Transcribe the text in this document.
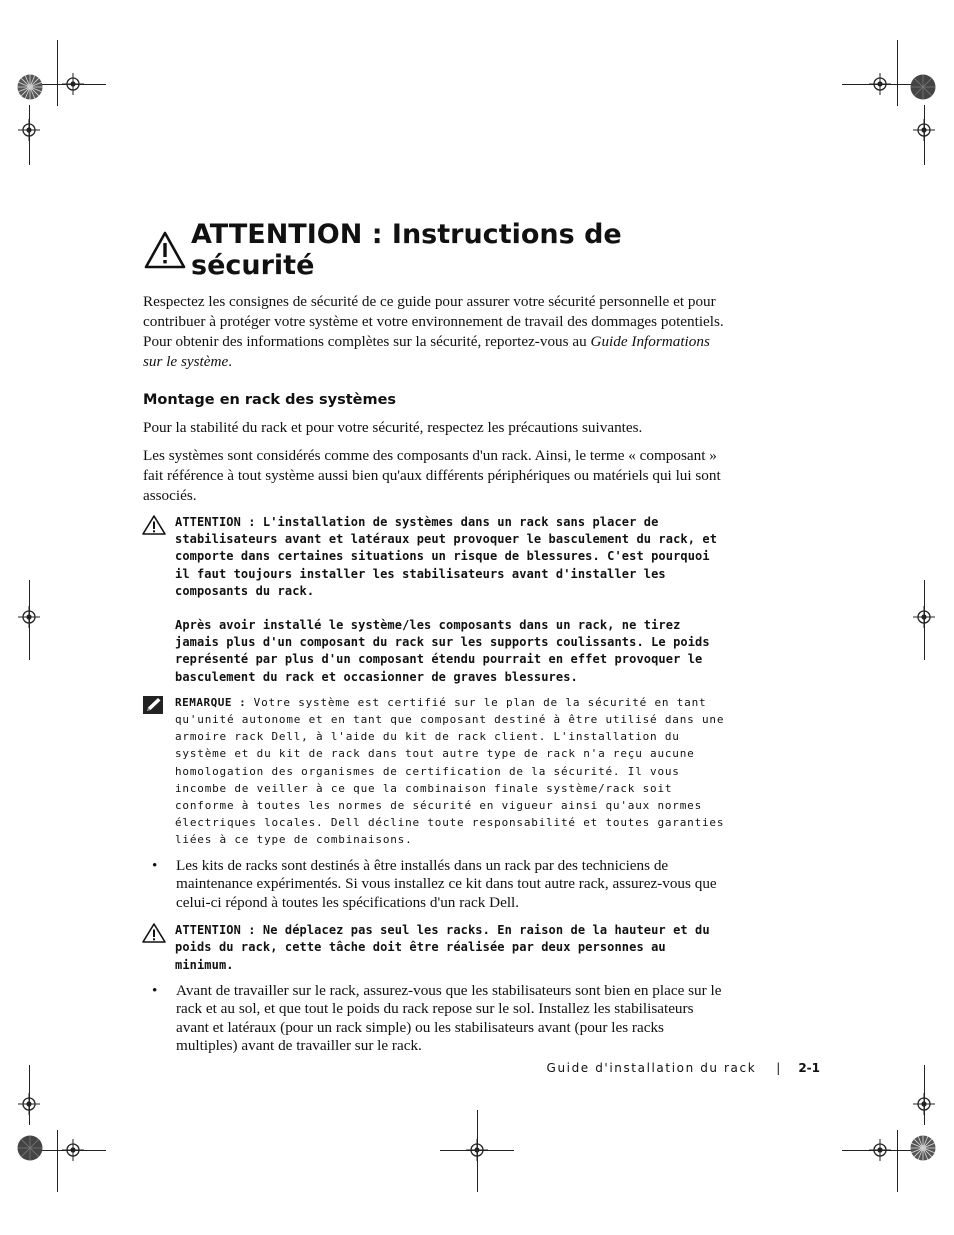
ATTENTION : Instructions de sécurité

Respectez les consignes de sécurité de ce guide pour assurer votre sécurité personnelle et pour contribuer à protéger votre système et votre environnement de travail des dommages potentiels. Pour obtenir des informations complètes sur la sécurité, reportez-vous au Guide Informations sur le système.

Montage en rack des systèmes

Pour la stabilité du rack et pour votre sécurité, respectez les précautions suivantes.

Les systèmes sont considérés comme des composants d'un rack. Ainsi, le terme « composant » fait référence à tout système aussi bien qu'aux différents périphériques ou matériels qui lui sont associés.

ATTENTION : L'installation de systèmes dans un rack sans placer de stabilisateurs avant et latéraux peut provoquer le basculement du rack, et comporte dans certaines situations un risque de blessures. C'est pourquoi il faut toujours installer les stabilisateurs avant d'installer les composants du rack.

Après avoir installé le système/les composants dans un rack, ne tirez jamais plus d'un composant du rack sur les supports coulissants. Le poids représenté par plus d'un composant étendu pourrait en effet provoquer le basculement du rack et occasionner de graves blessures.

REMARQUE : Votre système est certifié sur le plan de la sécurité en tant qu'unité autonome et en tant que composant destiné à être utilisé dans une armoire rack Dell, à l'aide du kit de rack client. L'installation du système et du kit de rack dans tout autre type de rack n'a reçu aucune homologation des organismes de certification de la sécurité. Il vous incombe de veiller à ce que la combinaison finale système/rack soit conforme à toutes les normes de sécurité en vigueur ainsi qu'aux normes électriques locales. Dell décline toute responsabilité et toutes garanties liées à ce type de combinaisons.
• Les kits de racks sont destinés à être installés dans un rack par des techniciens de maintenance expérimentés. Si vous installez ce kit dans tout autre rack, assurez-vous que celui-ci répond à toutes les spécifications d'un rack Dell.

ATTENTION : Ne déplacez pas seul les racks. En raison de la hauteur et du poids du rack, cette tâche doit être réalisée par deux personnes au minimum.

• Avant de travailler sur le rack, assurez-vous que les stabilisateurs sont bien en place sur le rack et au sol, et que tout le poids du rack repose sur le sol. Installez les stabilisateurs avant et latéraux (pour un rack simple) ou les stabilisateurs avant (pour les racks multiples) avant de travailler sur le rack.
Guide d'installation du rack | 2-1
